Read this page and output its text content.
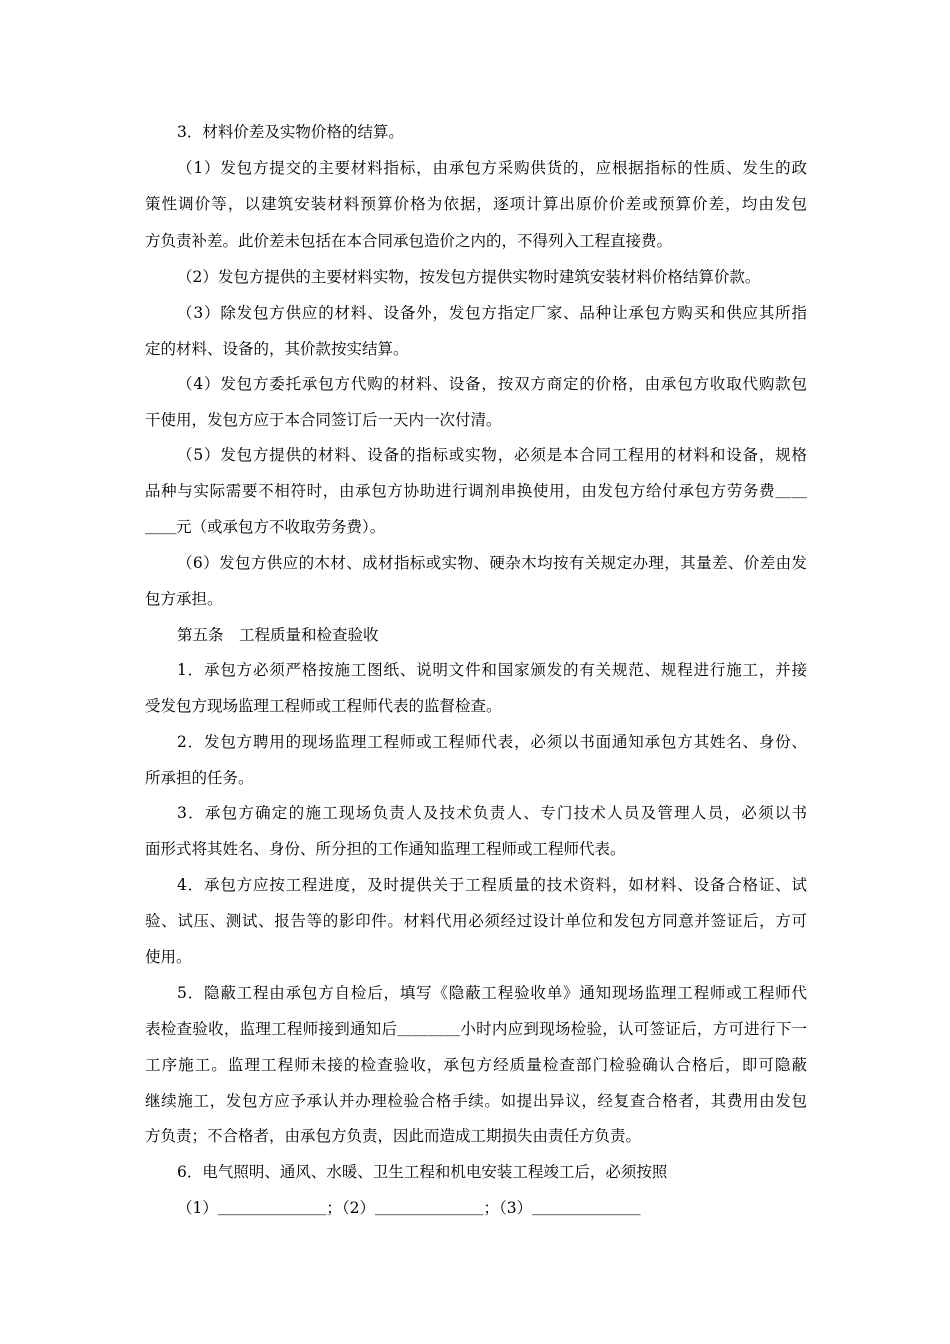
3．材料价差及实物价格的结算。
（1）发包方提交的主要材料指标，由承包方采购供货的，应根据指标的性质、发生的政
策性调价等，以建筑安装材料预算价格为依据，逐项计算出原价价差或预算价差，均由发包
方负责补差。此价差未包括在本合同承包造价之内的，不得列入工程直接费。
（2）发包方提供的主要材料实物，按发包方提供实物时建筑安装材料价格结算价款。
（3）除发包方供应的材料、设备外，发包方指定厂家、品种让承包方购买和供应其所指
定的材料、设备的，其价款按实结算。
（4）发包方委托承包方代购的材料、设备，按双方商定的价格，由承包方收取代购款包
干使用，发包方应于本合同签订后一天内一次付清。
（5）发包方提供的材料、设备的指标或实物，必须是本合同工程用的材料和设备，规格
品种与实际需要不相符时，由承包方协助进行调剂串换使用，由发包方给付承包方劳务费＿＿
＿＿元（或承包方不收取劳务费）。
（6）发包方供应的木材、成材指标或实物、硬杂木均按有关规定办理，其量差、价差由发
包方承担。
第五条　工程质量和检查验收
1．承包方必须严格按施工图纸、说明文件和国家颁发的有关规范、规程进行施工，并接
受发包方现场监理工程师或工程师代表的监督检查。
2．发包方聘用的现场监理工程师或工程师代表，必须以书面通知承包方其姓名、身份、
所承担的任务。
3．承包方确定的施工现场负责人及技术负责人、专门技术人员及管理人员，必须以书
面形式将其姓名、身份、所分担的工作通知监理工程师或工程师代表。
4．承包方应按工程进度，及时提供关于工程质量的技术资料，如材料、设备合格证、试
验、试压、测试、报告等的影印件。材料代用必须经过设计单位和发包方同意并签证后，方可
使用。
5．隐蔽工程由承包方自检后，填写《隐蔽工程验收单》通知现场监理工程师或工程师代
表检查验收，监理工程师接到通知后＿＿＿＿小时内应到现场检验，认可签证后，方可进行下一
工序施工。监理工程师未接的检查验收，承包方经质量检查部门检验确认合格后，即可隐蔽
继续施工，发包方应予承认并办理检验合格手续。如提出异议，经复查合格者，其费用由发包
方负责；不合格者，由承包方负责，因此而造成工期损失由责任方负责。
6．电气照明、通风、水暖、卫生工程和机电安装工程竣工后，必须按照
（1）＿＿＿＿＿＿＿；（2）＿＿＿＿＿＿＿；（3）＿＿＿＿＿＿＿
